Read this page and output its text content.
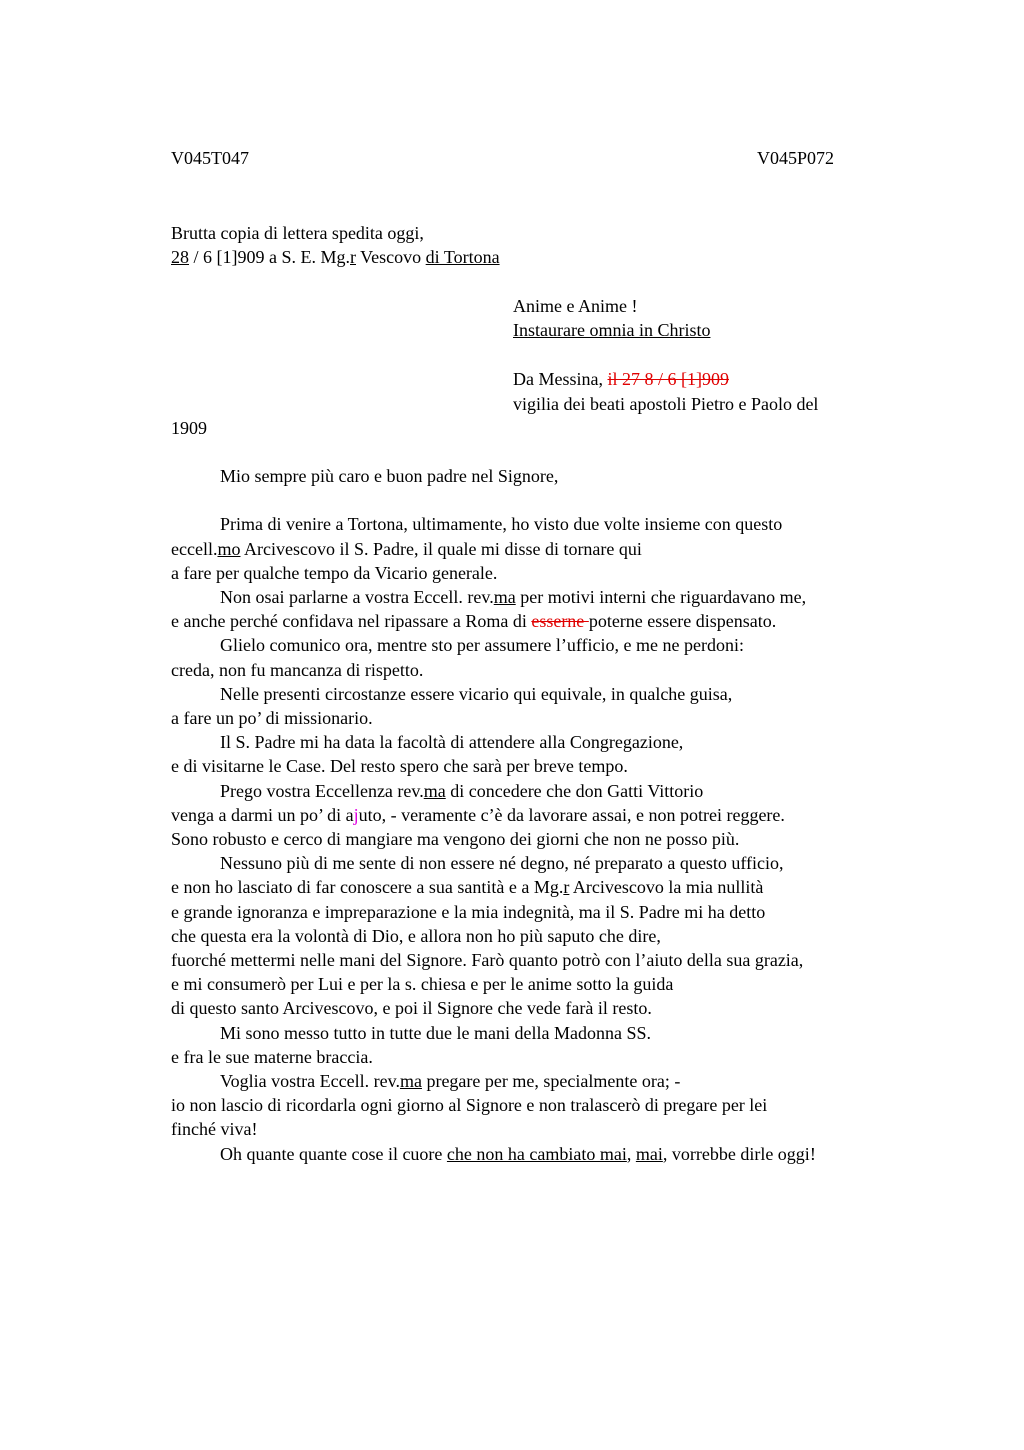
V045T047	V045P072
Brutta copia di lettera spedita oggi,
28 / 6 [1]909 a S. E. Mg.r Vescovo di Tortona
Anime e Anime !
Instaurare omnia in Christo
Da Messina, il 27 8 / 6 [1]909
vigilia dei beati apostoli Pietro e Paolo del
1909
Mio sempre più caro e buon padre nel Signore,
Prima di venire a Tortona, ultimamente, ho visto due volte insieme con questo
eccell.mo Arcivescovo il S. Padre, il quale mi disse di tornare qui
a fare per qualche tempo da Vicario generale.
Non osai parlarne a vostra Eccell. rev.ma per motivi interni che riguardavano me,
e anche perché confidava nel ripassare a Roma di esserne poterne essere dispensato.
Glielo comunico ora, mentre sto per assumere l’ufficio, e me ne perdoni:
creda, non fu mancanza di rispetto.
Nelle presenti circostanze essere vicario qui equivale, in qualche guisa,
a fare un po’ di missionario.
Il S. Padre mi ha data la facoltà di attendere alla Congregazione,
e di visitarne le Case. Del resto spero che sarà per breve tempo.
Prego vostra Eccellenza rev.ma di concedere che don Gatti Vittorio
venga a darmi un po’ di ajuto, - veramente c’è da lavorare assai, e non potrei reggere.
Sono robusto e cerco di mangiare ma vengono dei giorni che non ne posso più.
Nessuno più di me sente di non essere né degno, né preparato a questo ufficio,
e non ho lasciato di far conoscere a sua santità e a Mg.r Arcivescovo la mia nullità
e grande ignoranza e impreparazione e la mia indegnità, ma il S. Padre mi ha detto
che questa era la volontà di Dio, e allora non ho più saputo che dire,
fuorché mettermi nelle mani del Signore. Farò quanto potrò con l’aiuto della sua grazia,
e mi consumerò per Lui e per la s. chiesa e per le anime sotto la guida
di questo santo Arcivescovo, e poi il Signore che vede farà il resto.
Mi sono messo tutto in tutte due le mani della Madonna SS.
e fra le sue materne braccia.
Voglia vostra Eccell. rev.ma pregare per me, specialmente ora; -
io non lascio di ricordarla ogni giorno al Signore e non tralascerò di pregare per lei
finché viva!
Oh quante quante cose il cuore che non ha cambiato mai, mai, vorrebbe dirle oggi!
